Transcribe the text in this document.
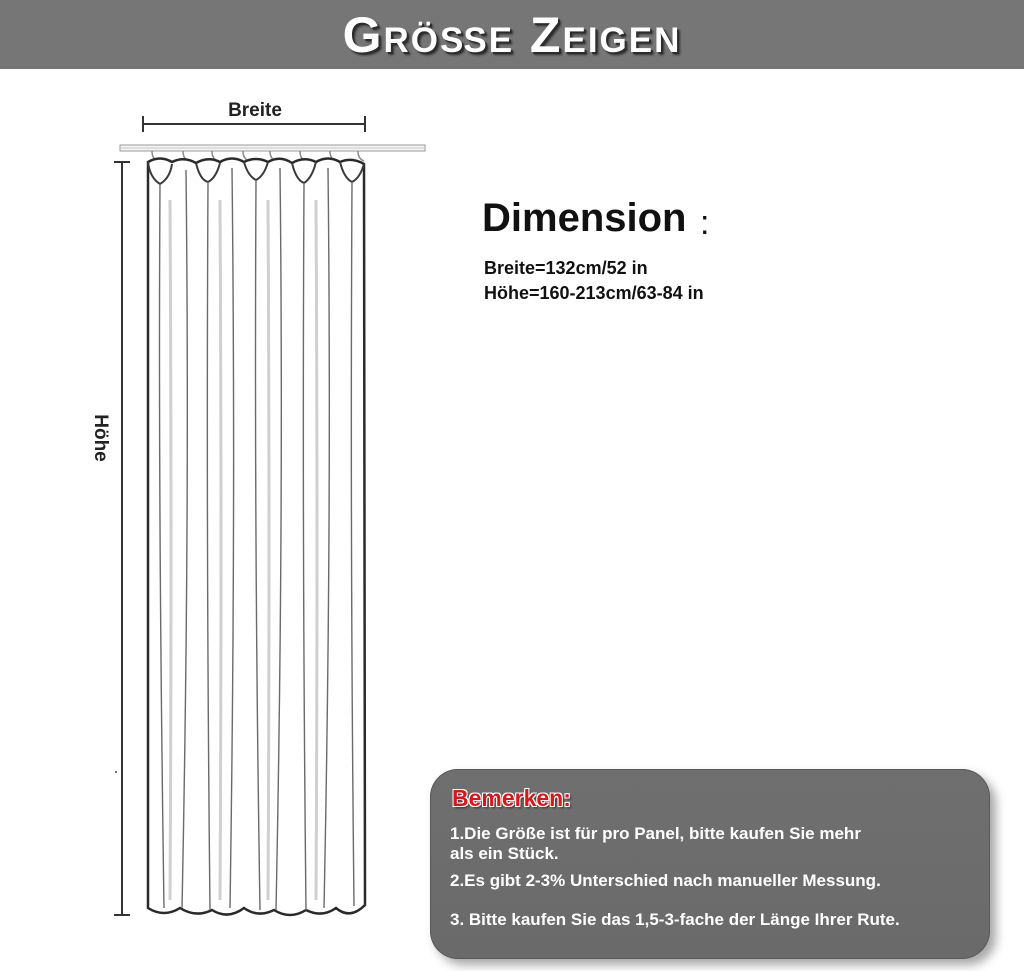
Größe Zeigen
Breite
Höhe
Dimension :
Breite=132cm/52 in
Höhe=160-213cm/63-84 in
Bemerken:
1.Die Größe ist für pro Panel, bitte kaufen Sie mehr
als ein Stück.
2.Es gibt 2-3% Unterschied nach manueller Messung.
3. Bitte kaufen Sie das 1,5-3-fache der Länge Ihrer Rute.
